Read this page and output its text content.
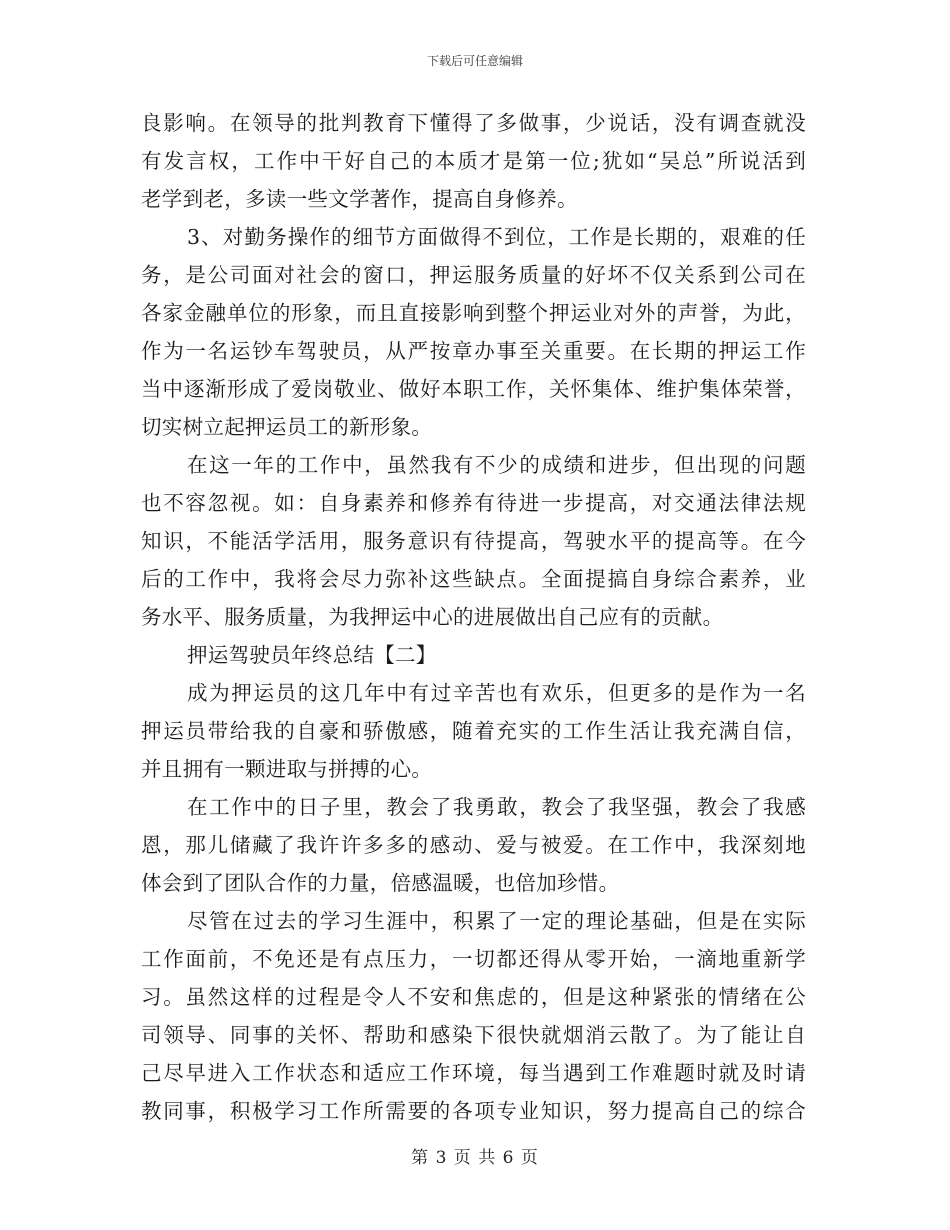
下载后可任意编辑
良影响。在领导的批判教育下懂得了多做事，少说话，没有调查就没
有发言权，工作中干好自己的本质才是第一位;犹如“吴总”所说活到
老学到老，多读一些文学著作，提高自身修养。
3、对勤务操作的细节方面做得不到位，工作是长期的，艰难的任
务，是公司面对社会的窗口，押运服务质量的好坏不仅关系到公司在
各家金融单位的形象，而且直接影响到整个押运业对外的声誉，为此，
作为一名运钞车驾驶员，从严按章办事至关重要。在长期的押运工作
当中逐渐形成了爱岗敬业、做好本职工作，关怀集体、维护集体荣誉，
切实树立起押运员工的新形象。
在这一年的工作中，虽然我有不少的成绩和进步，但出现的问题
也不容忽视。如：自身素养和修养有待进一步提高，对交通法律法规
知识，不能活学活用，服务意识有待提高，驾驶水平的提高等。在今
后的工作中，我将会尽力弥补这些缺点。全面提搞自身综合素养，业
务水平、服务质量，为我押运中心的进展做出自己应有的贡献。
押运驾驶员年终总结【二】
成为押运员的这几年中有过辛苦也有欢乐，但更多的是作为一名
押运员带给我的自豪和骄傲感，随着充实的工作生活让我充满自信，
并且拥有一颗进取与拼搏的心。
在工作中的日子里，教会了我勇敢，教会了我坚强，教会了我感
恩，那儿储藏了我许许多多的感动、爱与被爱。在工作中，我深刻地
体会到了团队合作的力量，倍感温暖，也倍加珍惜。
尽管在过去的学习生涯中，积累了一定的理论基础，但是在实际
工作面前，不免还是有点压力，一切都还得从零开始，一滴地重新学
习。虽然这样的过程是令人不安和焦虑的，但是这种紧张的情绪在公
司领导、同事的关怀、帮助和感染下很快就烟消云散了。为了能让自
己尽早进入工作状态和适应工作环境，每当遇到工作难题时就及时请
教同事，积极学习工作所需要的各项专业知识，努力提高自己的综合
第 3 页 共 6 页
